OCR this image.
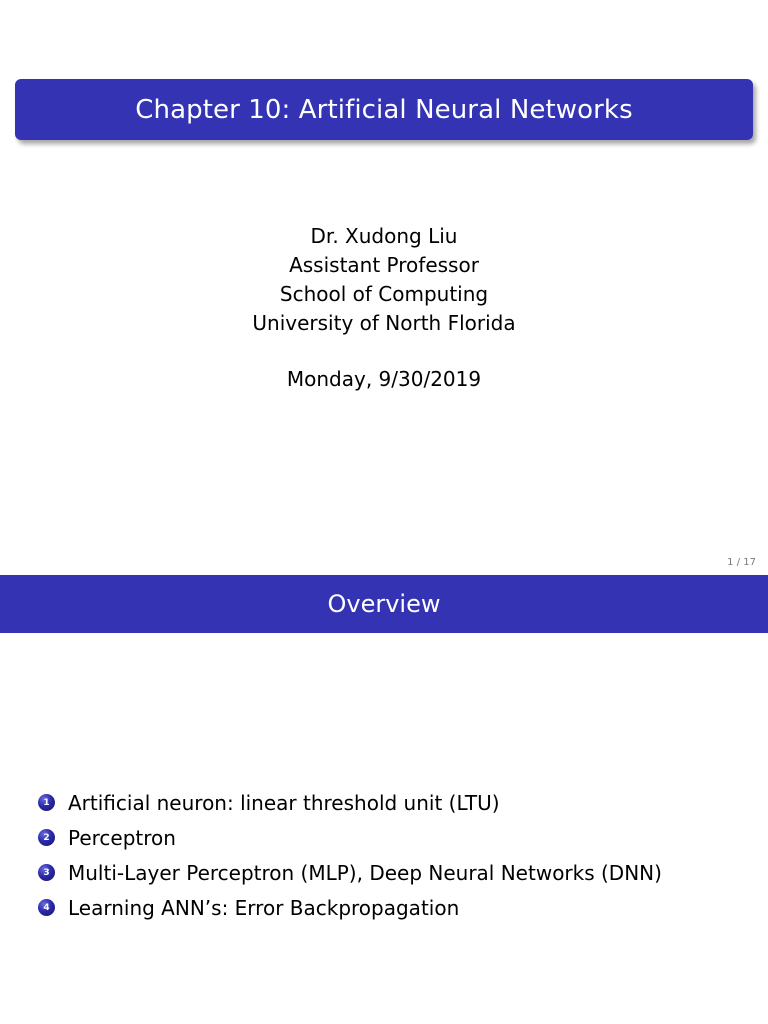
Chapter 10: Artificial Neural Networks
Dr. Xudong Liu
Assistant Professor
School of Computing
University of North Florida
Monday, 9/30/2019
1 / 17
Overview
1 Artificial neuron: linear threshold unit (LTU)
2 Perceptron
3 Multi-Layer Perceptron (MLP), Deep Neural Networks (DNN)
4 Learning ANN’s: Error Backpropagation
